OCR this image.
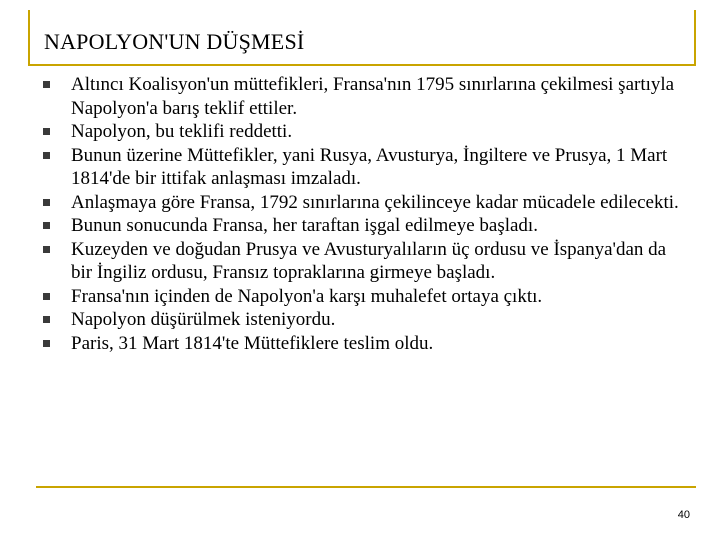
NAPOLYON'UN DÜŞMESİ
Altıncı Koalisyon'un müttefikleri, Fransa'nın 1795 sınırlarına çekilmesi şartıyla Napolyon'a barış teklif ettiler.
Napolyon, bu teklifi reddetti.
Bunun üzerine Müttefikler, yani Rusya, Avusturya, İngiltere ve Prusya, 1 Mart 1814'de bir ittifak anlaşması imzaladı.
Anlaşmaya göre Fransa, 1792 sınırlarına çekilinceye kadar mücadele edilecekti.
Bunun sonucunda Fransa, her taraftan işgal edilmeye başladı.
Kuzeyden ve doğudan Prusya ve Avusturyalıların üç ordusu ve İspanya'dan da bir İngiliz ordusu, Fransız topraklarına girmeye başladı.
Fransa'nın içinden de Napolyon'a karşı muhalefet ortaya çıktı.
Napolyon düşürülmek isteniyordu.
Paris, 31 Mart 1814'te Müttefiklere teslim oldu.
40
